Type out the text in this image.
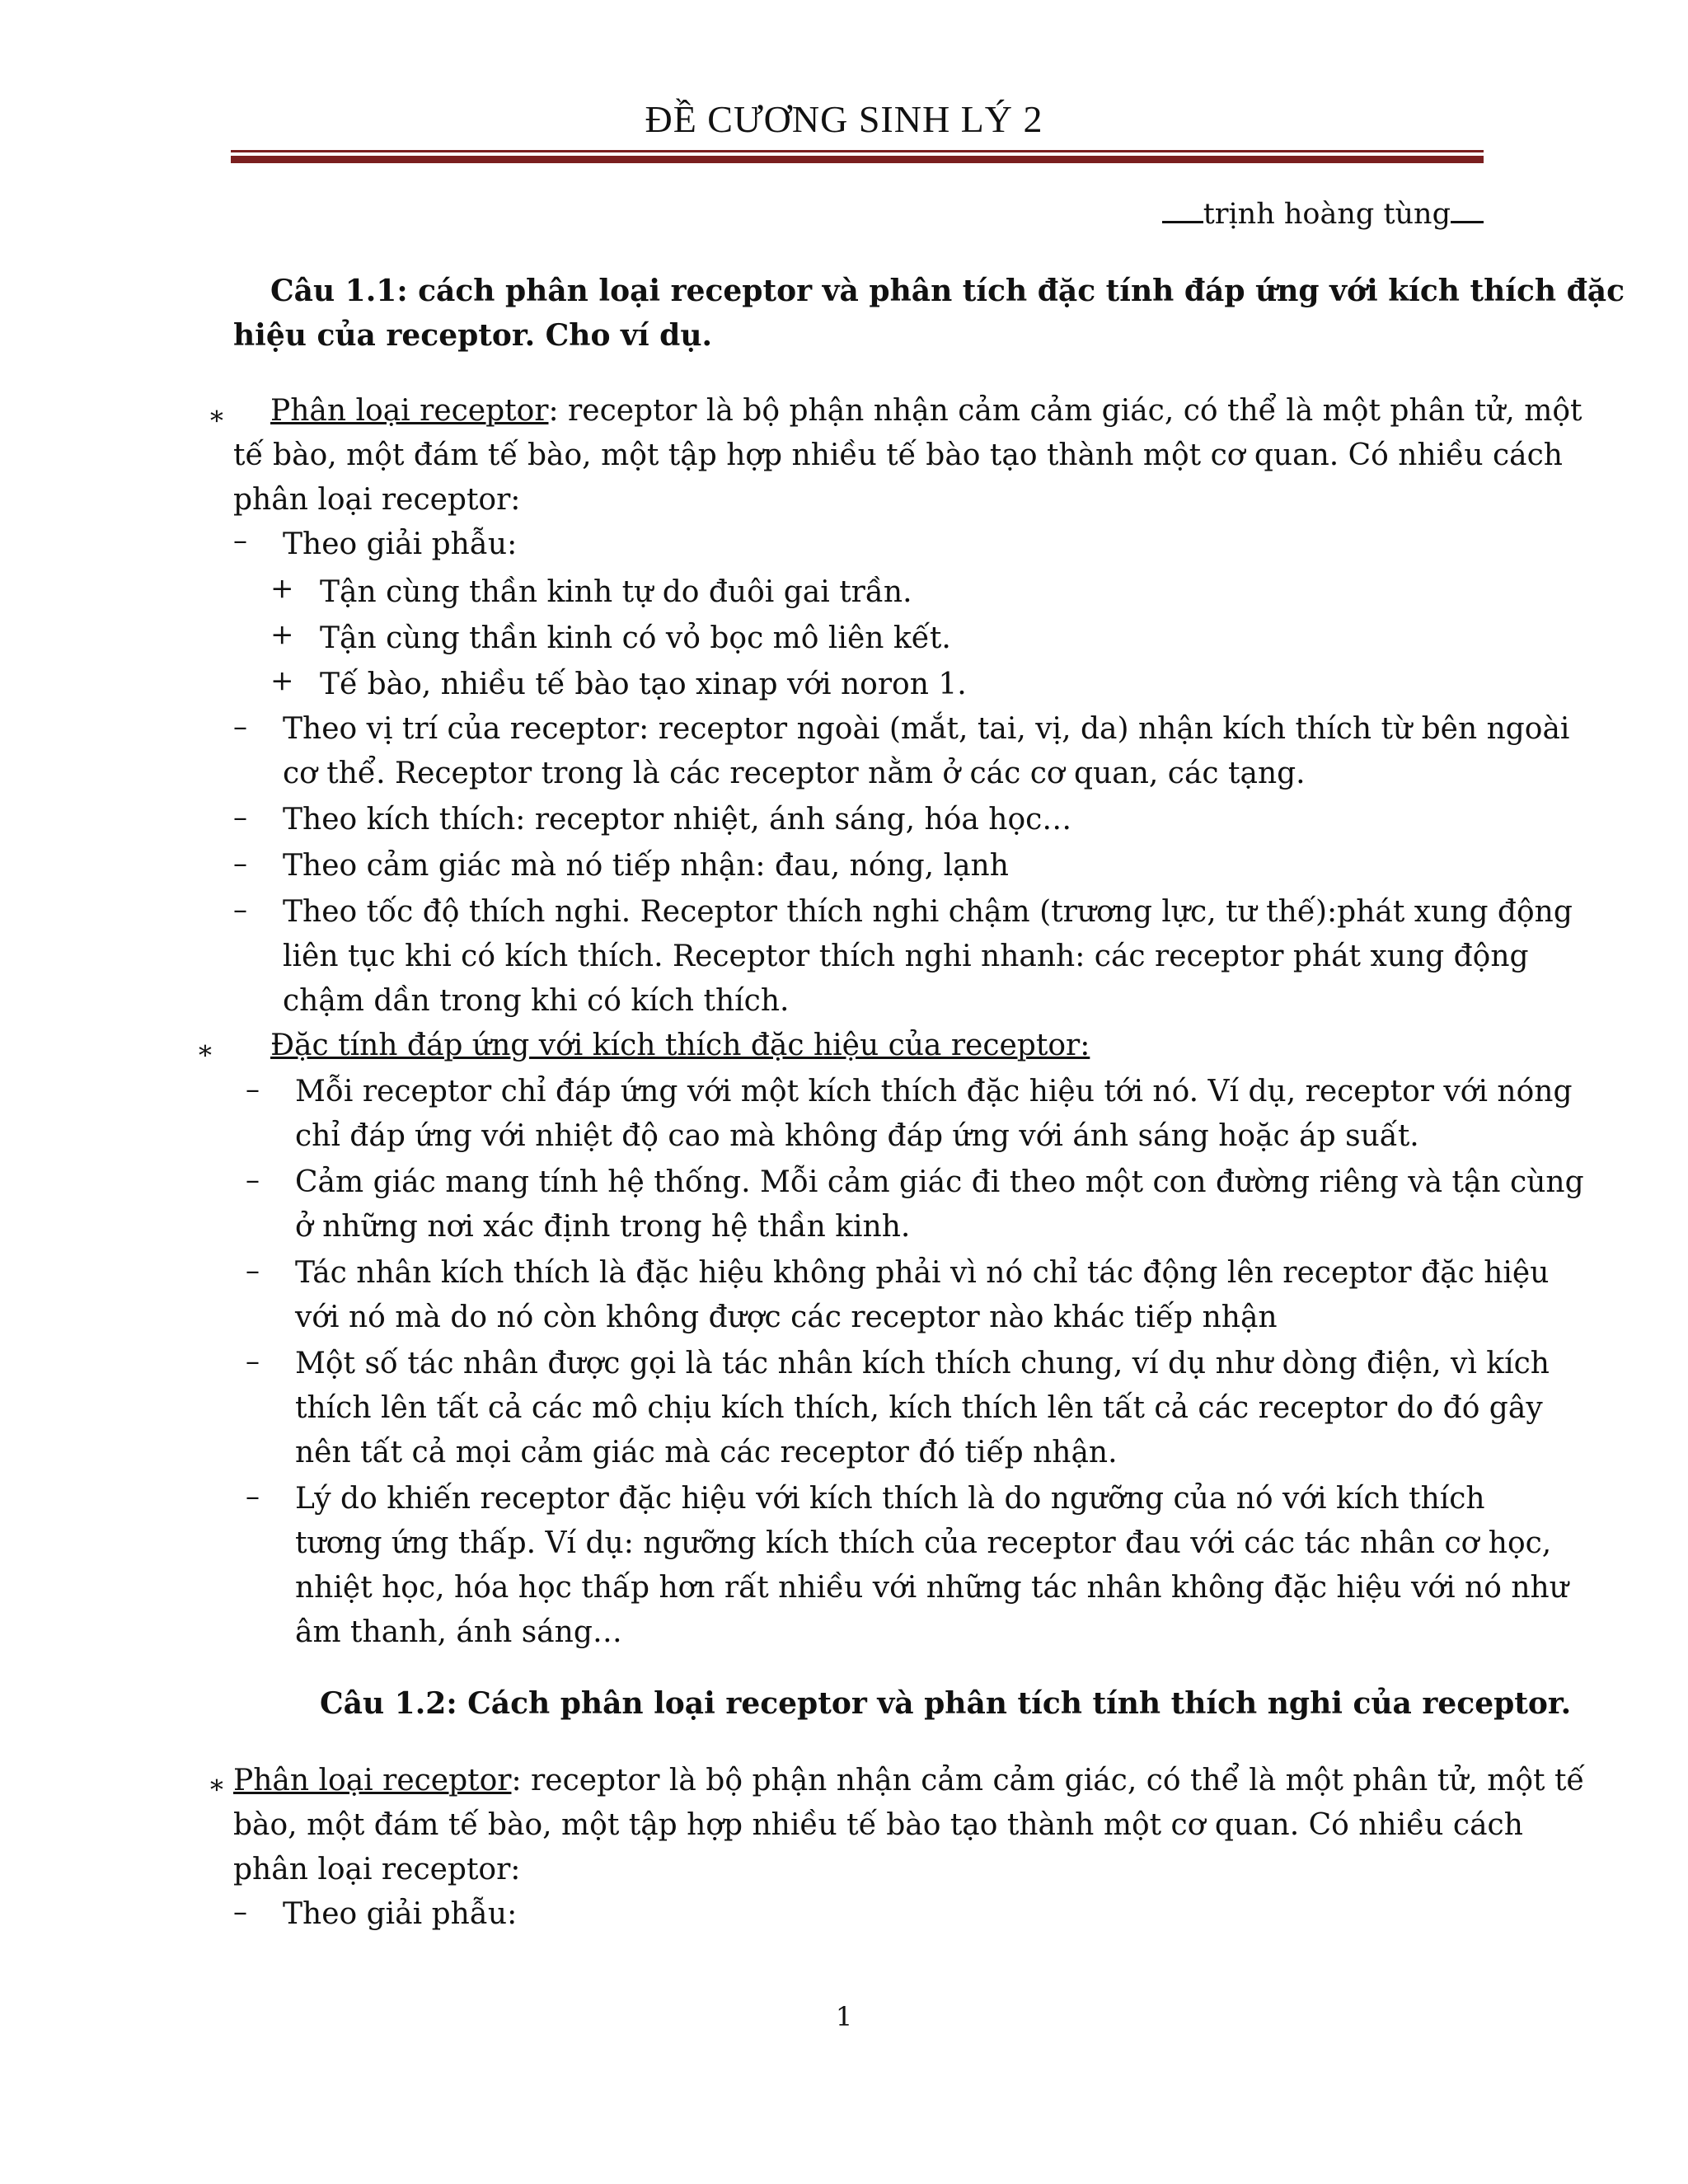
ĐỀ CƯƠNG SINH LÝ 2
trịnh hoàng tùng
Câu 1.1: cách phân loại receptor và phân tích đặc tính đáp ứng với kích thích đặc
hiệu của receptor. Cho ví dụ.
∗ Phân loại receptor: receptor là bộ phận nhận cảm cảm giác, có thể là một phân tử, một
tế bào, một đám tế bào, một tập hợp nhiều tế bào tạo thành một cơ quan. Có nhiều cách
phân loại receptor:
– Theo giải phẫu:
+ Tận cùng thần kinh tự do đuôi gai trần.
+ Tận cùng thần kinh có vỏ bọc mô liên kết.
+ Tế bào, nhiều tế bào tạo xinap với noron 1.
– Theo vị trí của receptor: receptor ngoài (mắt, tai, vị, da) nhận kích thích từ bên ngoài
cơ thể. Receptor trong là các receptor nằm ở các cơ quan, các tạng.
– Theo kích thích: receptor nhiệt, ánh sáng, hóa học…
– Theo cảm giác mà nó tiếp nhận: đau, nóng, lạnh
– Theo tốc độ thích nghi. Receptor thích nghi chậm (trương lực, tư thế):phát xung động
liên tục khi có kích thích. Receptor thích nghi nhanh: các receptor phát xung động
chậm dần trong khi có kích thích.
∗ Đặc tính đáp ứng với kích thích đặc hiệu của receptor:
– Mỗi receptor chỉ đáp ứng với một kích thích đặc hiệu tới nó. Ví dụ, receptor với nóng
chỉ đáp ứng với nhiệt độ cao mà không đáp ứng với ánh sáng hoặc áp suất.
– Cảm giác mang tính hệ thống. Mỗi cảm giác đi theo một con đường riêng và tận cùng
ở những nơi xác định trong hệ thần kinh.
– Tác nhân kích thích là đặc hiệu không phải vì nó chỉ tác động lên receptor đặc hiệu
với nó mà do nó còn không được các receptor nào khác tiếp nhận
– Một số tác nhân được gọi là tác nhân kích thích chung, ví dụ như dòng điện, vì kích
thích lên tất cả các mô chịu kích thích, kích thích lên tất cả các receptor do đó gây
nên tất cả mọi cảm giác mà các receptor đó tiếp nhận.
– Lý do khiến receptor đặc hiệu với kích thích là do ngưỡng của nó với kích thích
tương ứng thấp. Ví dụ: ngưỡng kích thích của receptor đau với các tác nhân cơ học,
nhiệt học, hóa học thấp hơn rất nhiều với những tác nhân không đặc hiệu với nó như
âm thanh, ánh sáng…
Câu 1.2: Cách phân loại receptor và phân tích tính thích nghi của receptor.
∗ Phân loại receptor: receptor là bộ phận nhận cảm cảm giác, có thể là một phân tử, một tế
bào, một đám tế bào, một tập hợp nhiều tế bào tạo thành một cơ quan. Có nhiều cách
phân loại receptor:
– Theo giải phẫu:
1
